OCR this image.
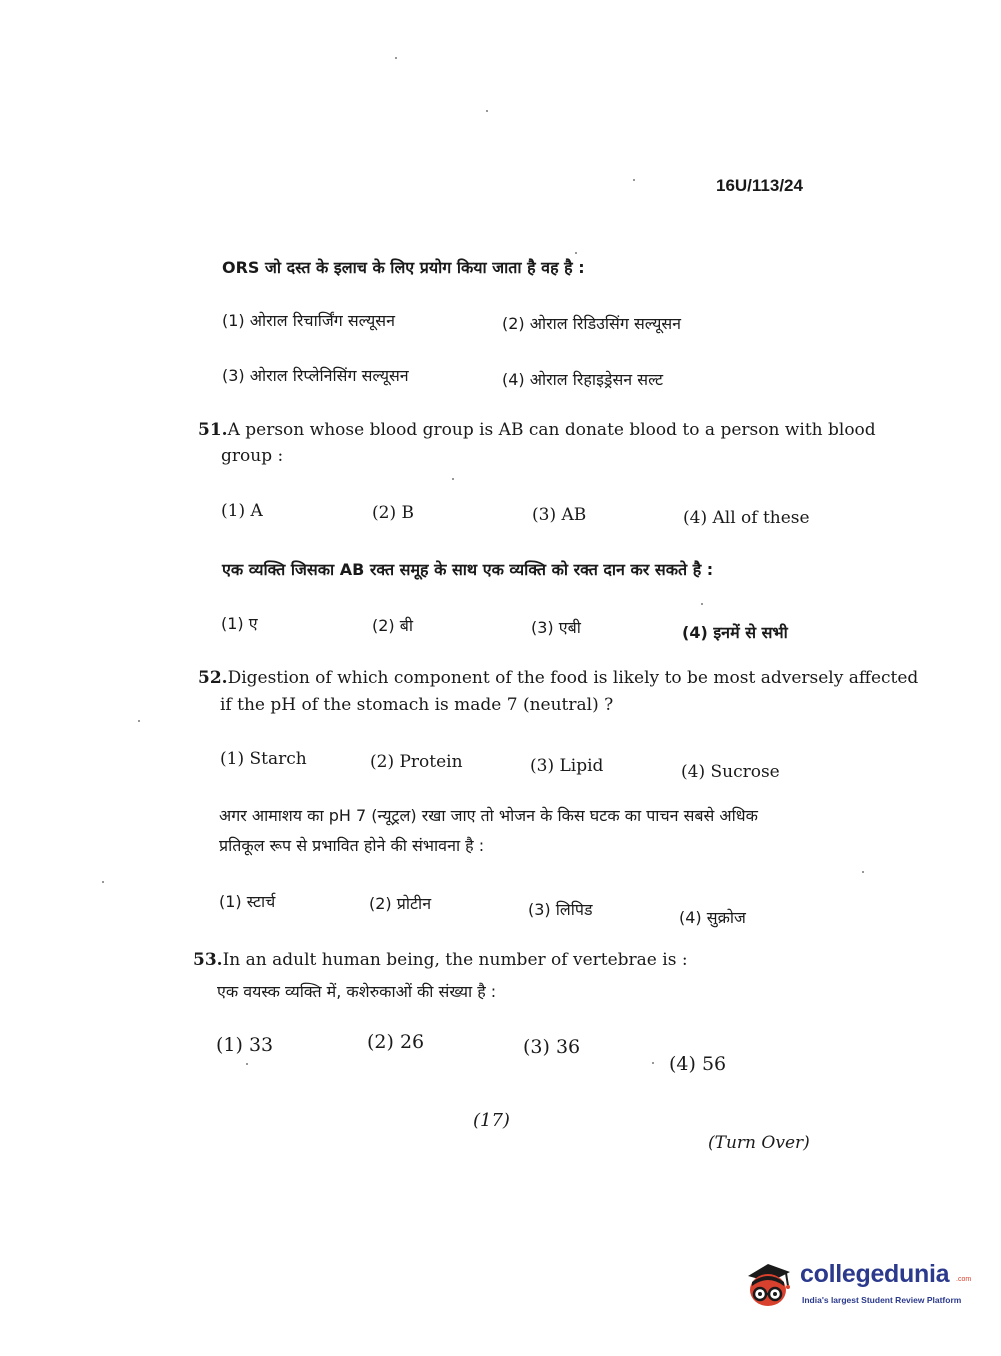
16U/113/24
ORS जो दस्त के इलाच के लिए प्रयोग किया जाता है वह है :
(1) ओराल रिचार्जिंग सल्यूसन	(2) ओराल रिडिउसिंग सल्यूसन
(3) ओराल रिप्लेनिसिंग सल्यूसन	(4) ओराल रिहाइड्रेसन सल्ट
51.A person whose blood group is AB can donate blood to a person with blood
group :
(1) A	(2) B	(3) AB	(4) All of these
एक व्यक्ति जिसका AB रक्त समूह के साथ एक व्यक्ति को रक्त दान कर सकते है :
(1) ए	(2) बी	(3) एबी	(4) इनमें से सभी
52.Digestion of which component of the food is likely to be most adversely affected
if the pH of the stomach is made 7 (neutral) ?
(1) Starch	(2) Protein	(3) Lipid	(4) Sucrose
अगर आमाशय का pH 7 (न्यूट्रल) रखा जाए तो भोजन के किस घटक का पाचन सबसे अधिक
प्रतिकूल रूप से प्रभावित होने की संभावना है :
(1) स्टार्च	(2) प्रोटीन	(3) लिपिड	(4) सुक्रोज
53.In an adult human being, the number of vertebrae is :
एक वयस्क व्यक्ति में, कशेरुकाओं की संख्या है :
(1) 33	(2) 26	(3) 36
(4) 56
(17)
(Turn Over)
collegedunia .com
India's largest Student Review Platform
